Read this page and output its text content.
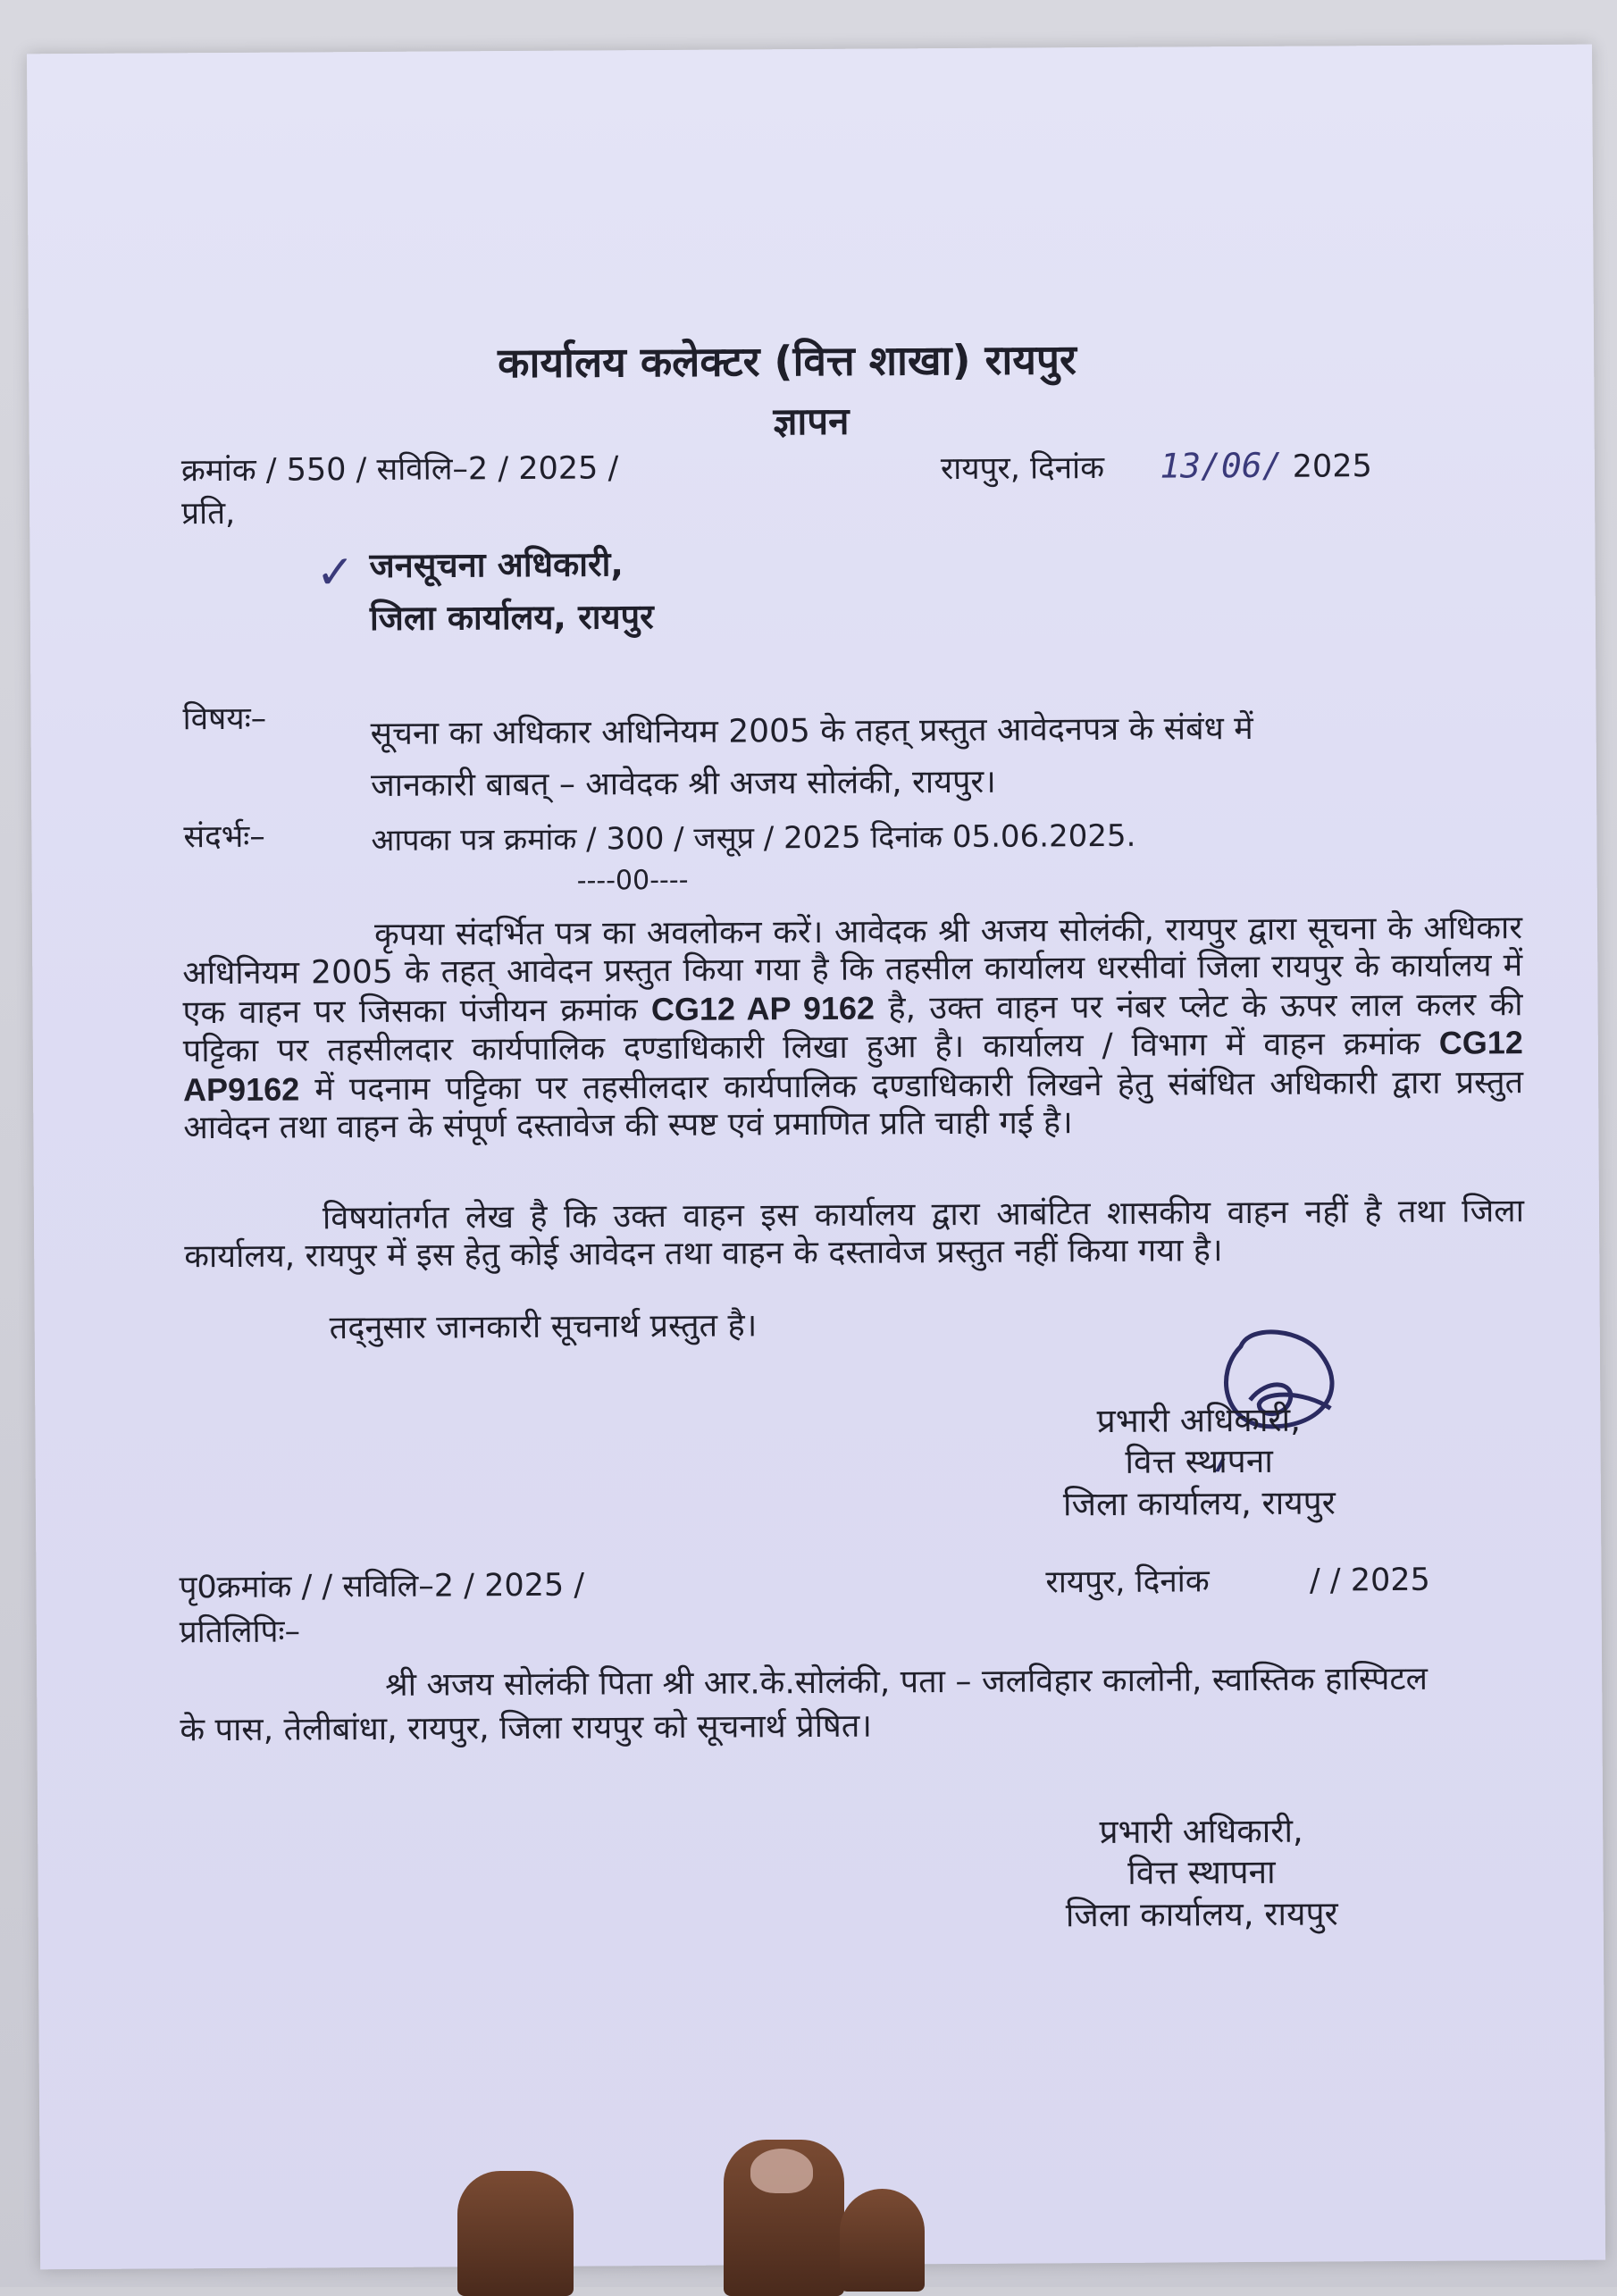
कार्यालय कलेक्टर (वित्त शाखा) रायपुर
ज्ञापन
क्रमांक / 550 / सविलि–2 / 2025 /	रायपुर, दिनांक 13/06/ 2025
प्रति,
✓ जनसूचना अधिकारी,
जिला कार्यालय, रायपुर
विषयः–	सूचना का अधिकार अधिनियम 2005 के तहत् प्रस्तुत आवेदनपत्र के संबंध में
जानकारी बाबत् – आवेदक श्री अजय सोलंकी, रायपुर।
संदर्भः–	आपका पत्र क्रमांक / 300 / जसूप्र / 2025 दिनांक 05.06.2025.
----00----
कृपया संदर्भित पत्र का अवलोकन करें। आवेदक श्री अजय सोलंकी, रायपुर द्वारा सूचना के अधिकार अधिनियम 2005 के तहत् आवेदन प्रस्तुत किया गया है कि तहसील कार्यालय धरसीवां जिला रायपुर के कार्यालय में एक वाहन पर जिसका पंजीयन क्रमांक CG12 AP 9162 है, उक्त वाहन पर नंबर प्लेट के ऊपर लाल कलर की पट्टिका पर तहसीलदार कार्यपालिक दण्डाधिकारी लिखा हुआ है। कार्यालय / विभाग में वाहन क्रमांक CG12 AP9162 में पदनाम पट्टिका पर तहसीलदार कार्यपालिक दण्डाधिकारी लिखने हेतु संबंधित अधिकारी द्वारा प्रस्तुत आवेदन तथा वाहन के संपूर्ण दस्तावेज की स्पष्ट एवं प्रमाणित प्रति चाही गई है।
विषयांतर्गत लेख है कि उक्त वाहन इस कार्यालय द्वारा आबंटित शासकीय वाहन नहीं है तथा जिला कार्यालय, रायपुर में इस हेतु कोई आवेदन तथा वाहन के दस्तावेज प्रस्तुत नहीं किया गया है।
तद्नुसार जानकारी सूचनार्थ प्रस्तुत है।
प्रभारी अधिकारी,
वित्त स्थापना
जिला कार्यालय, रायपुर
पृ0क्रमांक / / सविलि–2 / 2025 /	रायपुर, दिनांक	/ / 2025
प्रतिलिपिः–
श्री अजय सोलंकी पिता श्री आर.के.सोलंकी, पता – जलविहार कालोनी, स्वास्तिक हास्पिटल के पास, तेलीबांधा, रायपुर, जिला रायपुर को सूचनार्थ प्रेषित।
प्रभारी अधिकारी,
वित्त स्थापना
जिला कार्यालय, रायपुर
